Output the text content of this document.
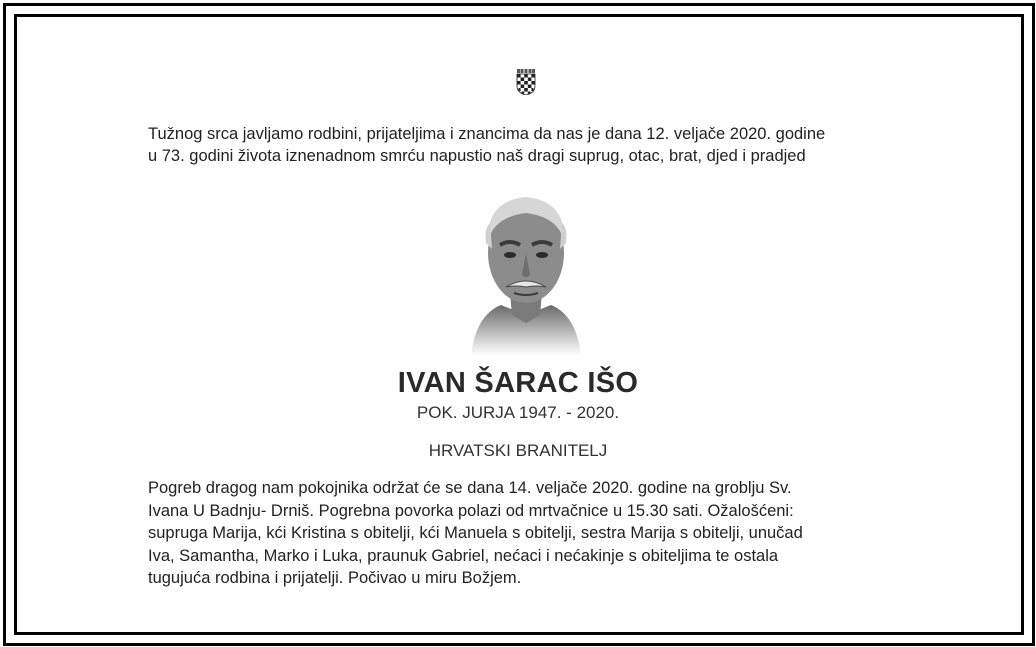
Tužnog srca javljamo rodbini, prijateljima i znancima da nas je dana 12. veljače 2020. godine
u 73. godini života iznenadnom smrću napustio naš dragi suprug, otac, brat, djed i pradjed
IVAN ŠARAC IŠO
POK. JURJA 1947. - 2020.
HRVATSKI BRANITELJ
Pogreb dragog nam pokojnika održat će se dana 14. veljače 2020. godine na groblju Sv.
Ivana U Badnju- Drniš. Pogrebna povorka polazi od mrtvačnice u 15.30 sati. Ožalošćeni:
supruga Marija, kći Kristina s obitelji, kći Manuela s obitelji, sestra Marija s obitelji, unučad
Iva, Samantha, Marko i Luka, praunuk Gabriel, nećaci i nećakinje s obiteljima te ostala
tugujuća rodbina i prijatelji. Počivao u miru Božjem.
